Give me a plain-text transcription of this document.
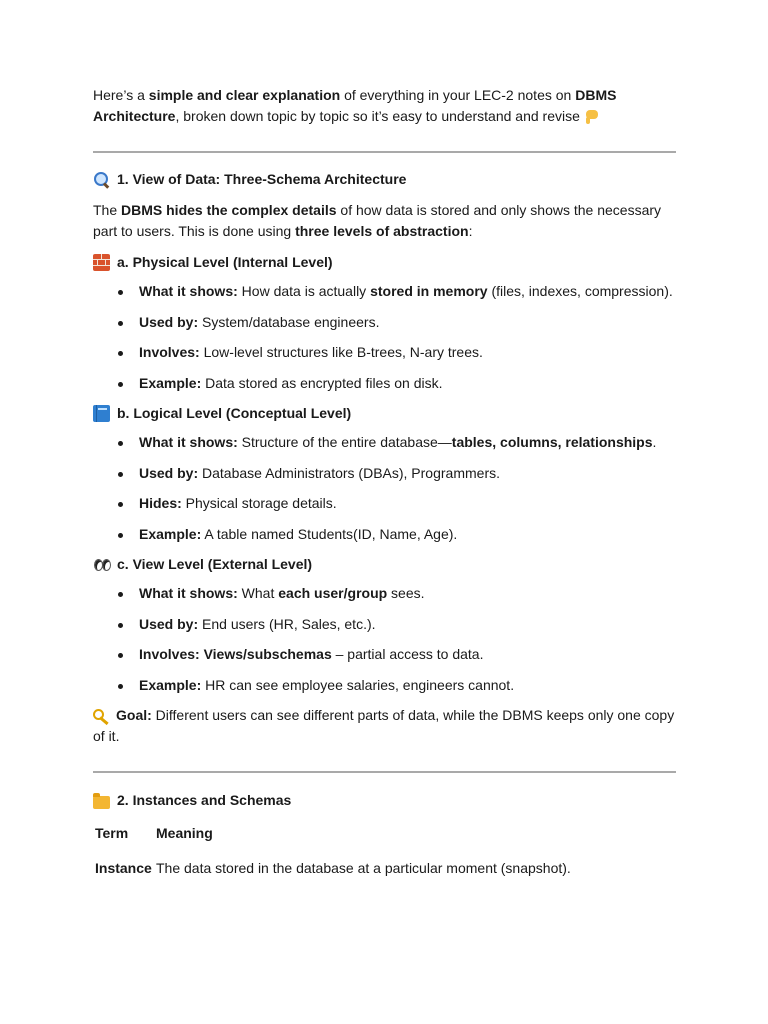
Here’s a simple and clear explanation of everything in your LEC-2 notes on DBMS Architecture, broken down topic by topic so it’s easy to understand and revise

1. View of Data: Three-Schema Architecture

The DBMS hides the complex details of how data is stored and only shows the necessary part to users. This is done using three levels of abstraction:

a. Physical Level (Internal Level)
What it shows: How data is actually stored in memory (files, indexes, compression).
Used by: System/database engineers.
Involves: Low-level structures like B-trees, N-ary trees.
Example: Data stored as encrypted files on disk.
b. Logical Level (Conceptual Level)
What it shows: Structure of the entire database—tables, columns, relationships.
Used by: Database Administrators (DBAs), Programmers.
Hides: Physical storage details.
Example: A table named Students(ID, Name, Age).
c. View Level (External Level)
What it shows: What each user/group sees.
Used by: End users (HR, Sales, etc.).
Involves: Views/subschemas – partial access to data.
Example: HR can see employee salaries, engineers cannot.

Goal: Different users can see different parts of data, while the DBMS keeps only one copy of it.

2. Instances and Schemas
Term	Meaning
Instance	The data stored in the database at a particular moment (snapshot).
